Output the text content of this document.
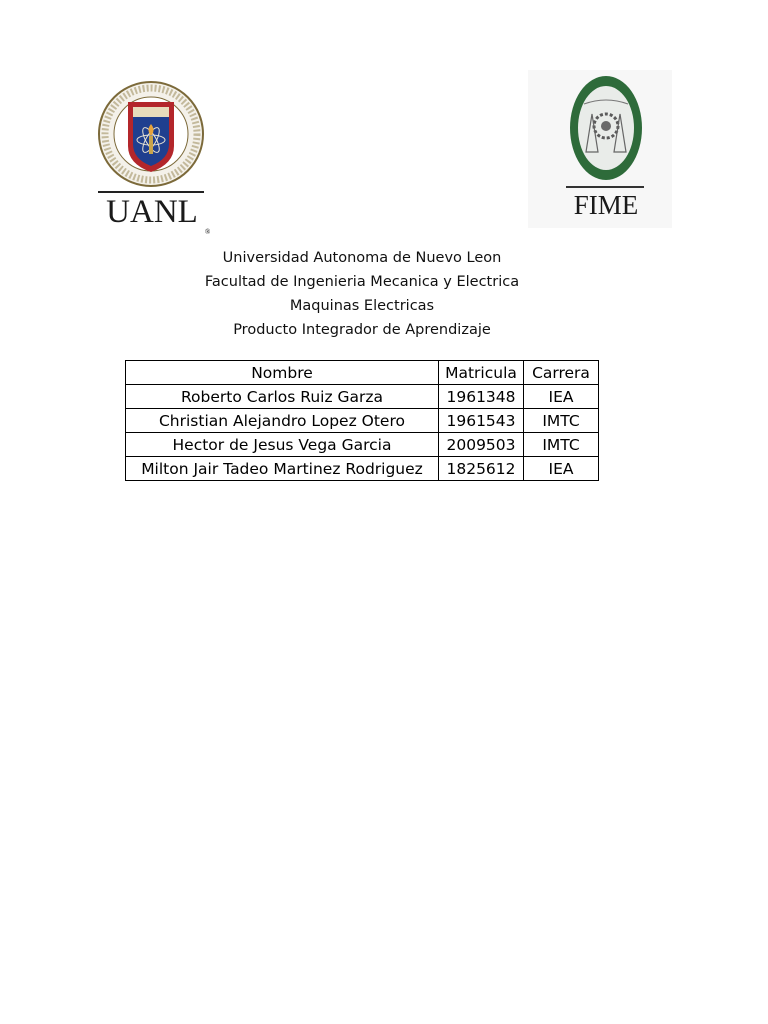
UANL
®
FIME
Universidad Autonoma de Nuevo Leon
Facultad de Ingenieria Mecanica y Electrica
Maquinas Electricas
Producto Integrador de Aprendizaje
Nombre	Matricula	Carrera
Roberto Carlos Ruiz Garza	1961348	IEA
Christian Alejandro Lopez Otero	1961543	IMTC
Hector de Jesus Vega Garcia	2009503	IMTC
Milton Jair Tadeo Martinez Rodriguez	1825612	IEA
